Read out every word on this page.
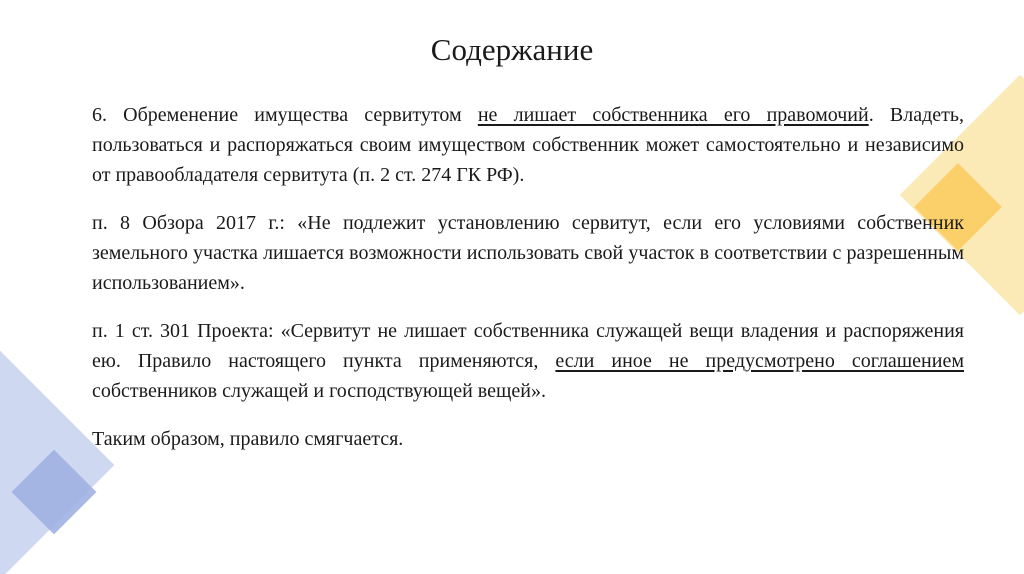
Содержание

6. Обременение имущества сервитутом не лишает собственника его правомочий. Владеть, пользоваться и распоряжаться своим имуществом собственник может самостоятельно и независимо от правообладателя сервитута (п. 2 ст. 274 ГК РФ).

п. 8 Обзора 2017 г.: «Не подлежит установлению сервитут, если его условиями собственник земельного участка лишается возможности использовать свой участок в соответствии с разрешенным использованием».

п. 1 ст. 301 Проекта: «Сервитут не лишает собственника служащей вещи владения и распоряжения ею. Правило настоящего пункта применяются, если иное не предусмотрено соглашением собственников служащей и господствующей вещей».

Таким образом, правило смягчается.
